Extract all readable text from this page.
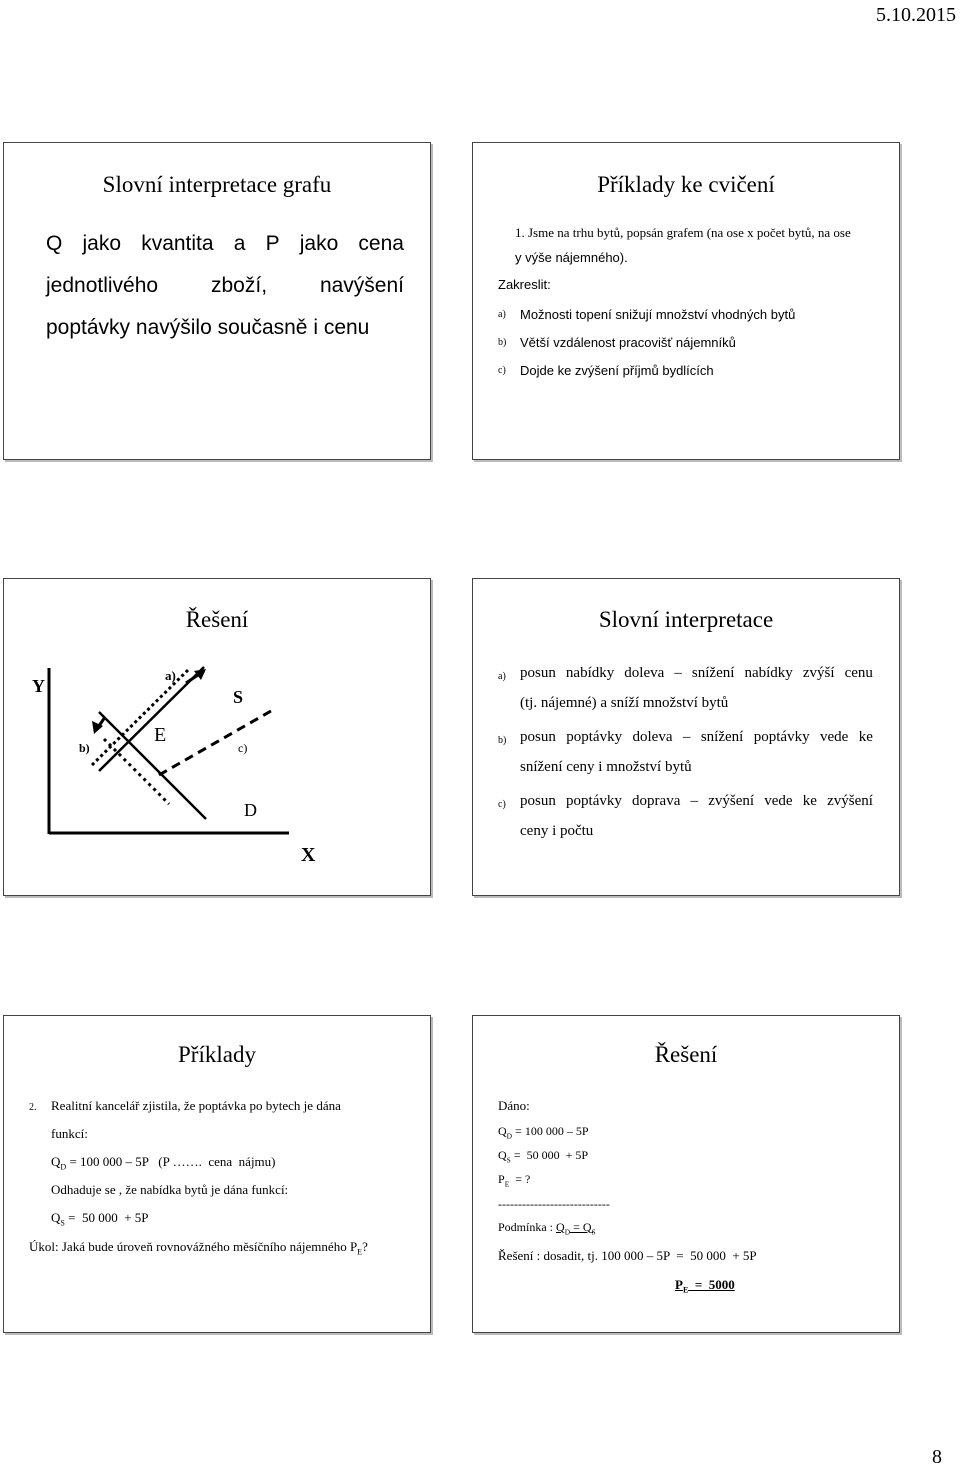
5.10.2015
Slovní interpretace grafu
Q jako kvantita a P jako cena
jednotlivého	zboží,	navýšení
poptávky navýšilo současně i cenu
Příklady ke cvičení
1. Jsme na trhu bytů, popsán grafem (na ose x počet bytů, na ose
y výše nájemného).
Zakreslit:
a) Možnosti topení snižují množství vhodných bytů
b) Větší vzdálenost pracovišť nájemníků
c) Dojde ke zvýšení příjmů bydlících
Řešení
Y
X
a)
b)	c)
S
D
E
Slovní interpretace
a) posun nabídky doleva – snížení nabídky zvýší cenu
(tj. nájemné) a sníží množství bytů
b) posun poptávky doleva – snížení poptávky vede ke
snížení ceny i množství bytů
c) posun poptávky doprava – zvýšení vede ke zvýšení
ceny i počtu
Příklady
2. Realitní kancelář zjistila, že poptávka po bytech je dána
funkcí:
$Q_D = 100$ 000 – 5P   (P …….  cena  nájmu)
Odhaduje se , že nabídka bytů je dána funkcí:
$Q_S = 50$ 000  + 5P
Úkol: Jaká bude úroveň rovnovážného měsíčního nájemného $P_E$?
Řešení
Dáno:
$Q_D = 100$ 000 – 5P
$Q_S = 50$ 000  + 5P
$P_E$  = ?
----------------------------
Podmínka : $Q_D = Q_S$
Řešení : dosadit, tj. 100 000 – 5P  =  50 000  + 5P
$P_E = 5000$
8
